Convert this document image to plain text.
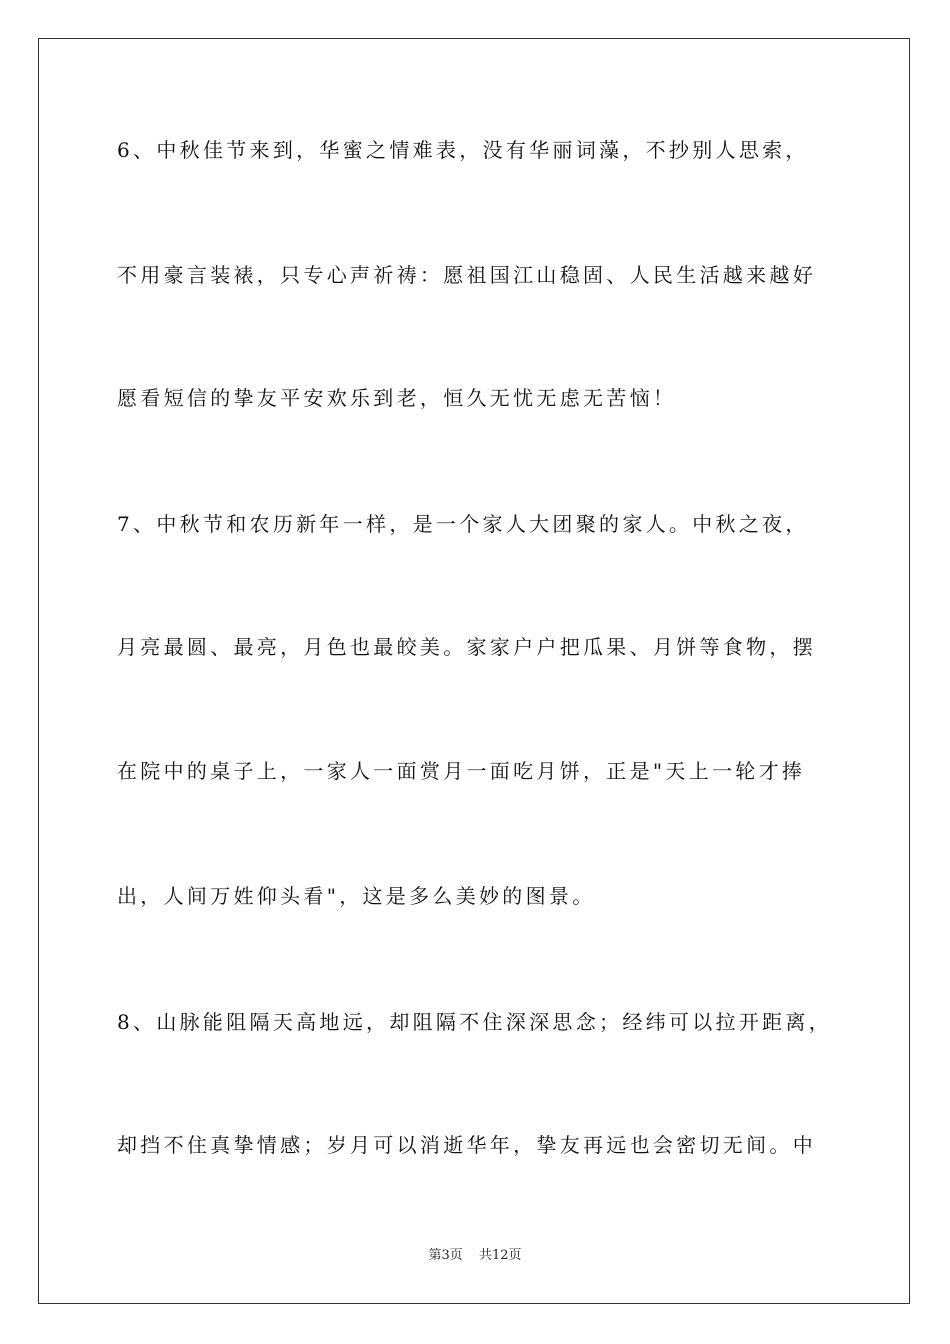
6、中秋佳节来到，华蜜之情难表，没有华丽词藻，不抄别人思索，
不用豪言装裱，只专心声祈祷：愿祖国江山稳固、人民生活越来越好
愿看短信的挚友平安欢乐到老，恒久无忧无虑无苦恼！
7、中秋节和农历新年一样，是一个家人大团聚的家人。中秋之夜，
月亮最圆、最亮，月色也最皎美。家家户户把瓜果、月饼等食物，摆
在院中的桌子上，一家人一面赏月一面吃月饼，正是"天上一轮才捧
出，人间万姓仰头看"，这是多么美妙的图景。
8、山脉能阻隔天高地远，却阻隔不住深深思念；经纬可以拉开距离，
却挡不住真挚情感；岁月可以消逝华年，挚友再远也会密切无间。中
第3页 共12页
